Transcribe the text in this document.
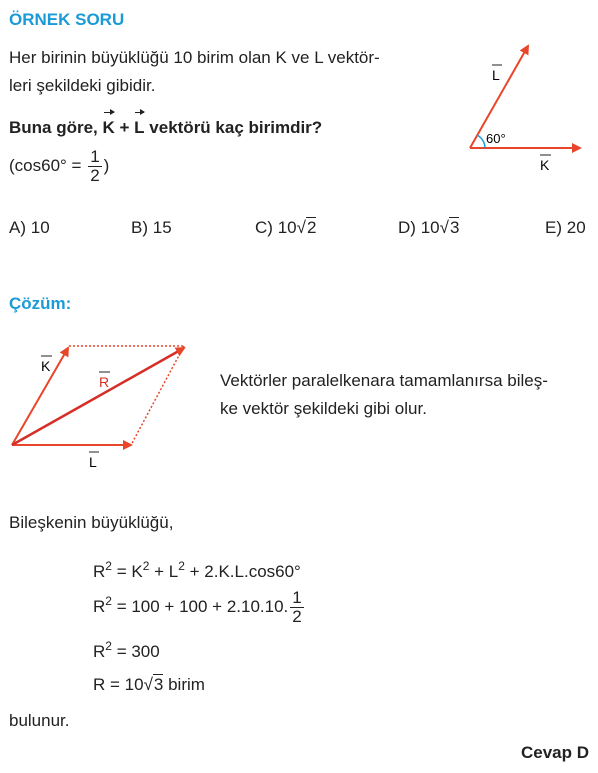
ÖRNEK SORU
Her birinin büyüklüğü 10 birim olan K ve L vektör-
leri şekildeki gibidir.
Buna göre, K + L vektörü kaç birimdir?
($\cos 60^\circ = \frac{1}{2}$ )
L
K
60°
A) 10	B) 15	C) 10√2	D) 10√3	E) 20
Çözüm:
K
R
L
Vektörler paralelkenara tamamlanırsa bileş-
ke vektör şekildeki gibi olur.
Bileşkenin büyüklüğü,
$R^2 = K^2 + L^2 + 2.K.L.\cos 60^\circ$
$R^2 = 100 + 100 + 2.10.10$. $\frac{1}{2}$
$R^2 = 300$
R = 10√3 birim
bulunur.
Cevap D
